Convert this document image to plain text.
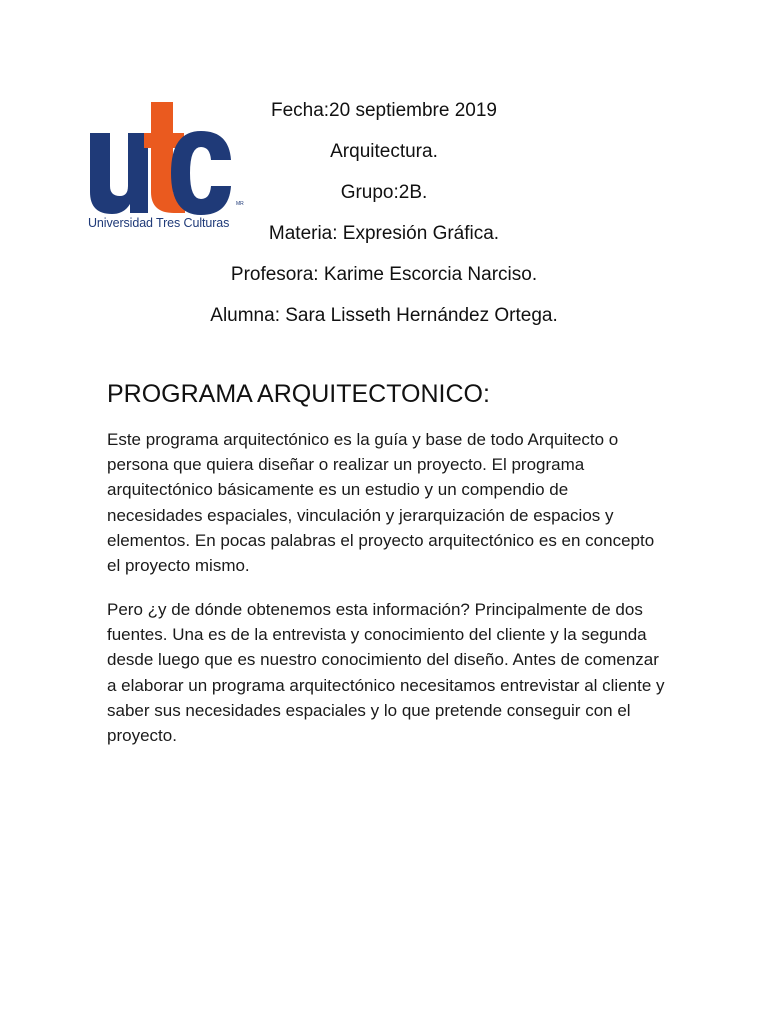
MR
Universidad Tres Culturas
Fecha:20 septiembre 2019
Arquitectura.
Grupo:2B.
Materia: Expresión Gráfica.
Profesora: Karime Escorcia Narciso.
Alumna: Sara Lisseth Hernández Ortega.
PROGRAMA ARQUITECTONICO:

Este programa arquitectónico es la guía y base de todo Arquitecto o persona que quiera diseñar o realizar un proyecto. El programa arquitectónico básicamente es un estudio y un compendio de necesidades espaciales, vinculación y jerarquización de espacios y elementos. En pocas palabras el proyecto arquitectónico es en concepto el proyecto mismo.

Pero ¿y de dónde obtenemos esta información? Principalmente de dos fuentes. Una es de la entrevista y conocimiento del cliente y la segunda desde luego que es nuestro conocimiento del diseño. Antes de comenzar a elaborar un programa arquitectónico necesitamos entrevistar al cliente y saber sus necesidades espaciales y lo que pretende conseguir con el proyecto.
